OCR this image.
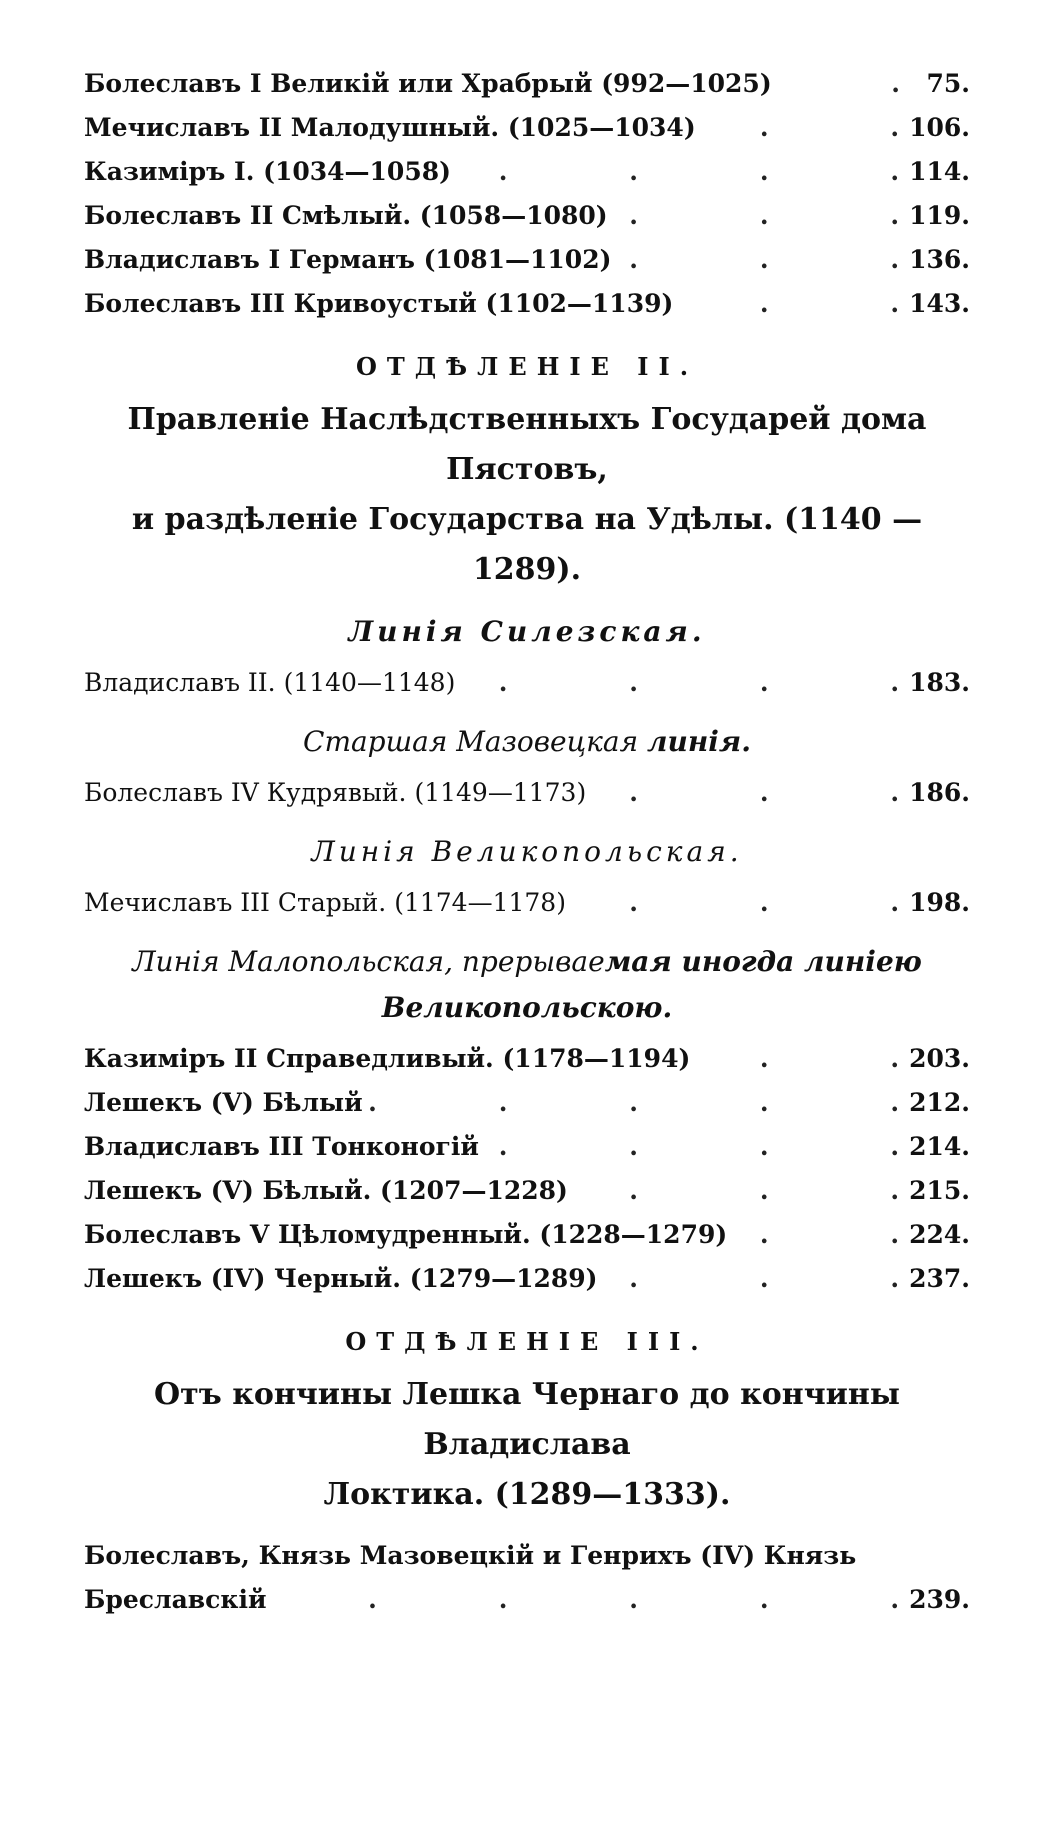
Болеславъ I Великій или Храбрый (992—1025) .	75.
Мечиславъ II Малодушный. (1025—1034) .	106.
Казиміръ I. (1034—1058) .	114.
Болеславъ II Смѣлый. (1058—1080) .	119.
Владиславъ I Германъ (1081—1102) .	136.
Болеславъ III Кривоустый (1102—1139) .	143.
ОТДѢЛЕНІЕ II.
Правленіе Наслѣдственныхъ Государей дома Пястовъ,
и раздѣленіе Государства на Удѣлы. (1140 — 1289).
Линія Силезская.
Владиславъ II. (1140—1148) .	183.
Старшая Мазовецкая линія.
Болеславъ IV Кудрявый. (1149—1173) .	186.
Линія Великопольская.
Мечиславъ III Старый. (1174—1178) .	198.
Линія Малопольская, прерываемая иногда линіею
Великопольскою.
Казиміръ II Справедливый. (1178—1194) .	203.
Лешекъ (V) Бѣлый .	212.
Владиславъ III Тонконогій .	214.
Лешекъ (V) Бѣлый. (1207—1228) .	215.
Болеславъ V Цѣломудренный. (1228—1279) .	224.
Лешекъ (IV) Черный. (1279—1289) .	237.
ОТДѢЛЕНІЕ III.
Отъ кончины Лешка Чернаго до кончины Владислава
Локтика. (1289—1333).
Болеславъ, Князь Мазовецкій и Генрихъ (IV) Князь
Бреславскій .	239.
